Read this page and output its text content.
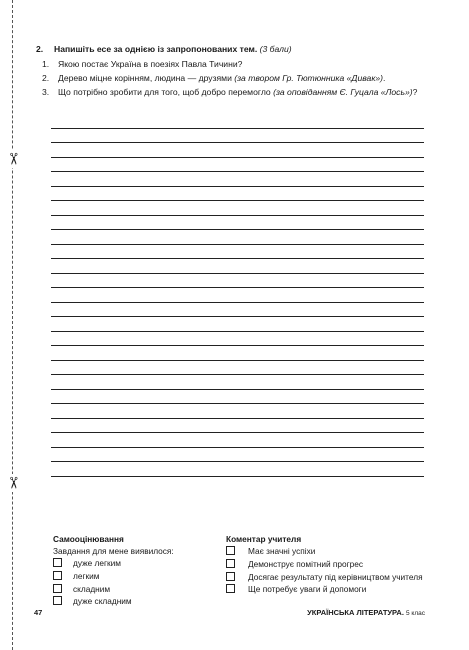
✂
✂
2. Напишіть есе за однією із запропонованих тем. (3 бали)
1. Якою постає Україна в поезіях Павла Тичини?
2. Дерево міцне корінням, людина — друзями (за твором Гр. Тютюнника «Дивак»).
3. Що потрібно зробити для того, щоб добро перемогло (за оповіданням Є. Гуцала «Лось»)?
Самооцінювання
Завдання для мене виявилося:
дуже легким
легким
складним
дуже складним
Коментар учителя
Має значні успіхи
Демонструє помітний прогрес
Досягає результату під керівництвом учителя
Ще потребує уваги й допомоги
47	УКРАЇНСЬКА ЛІТЕРАТУРА. 5 клас
